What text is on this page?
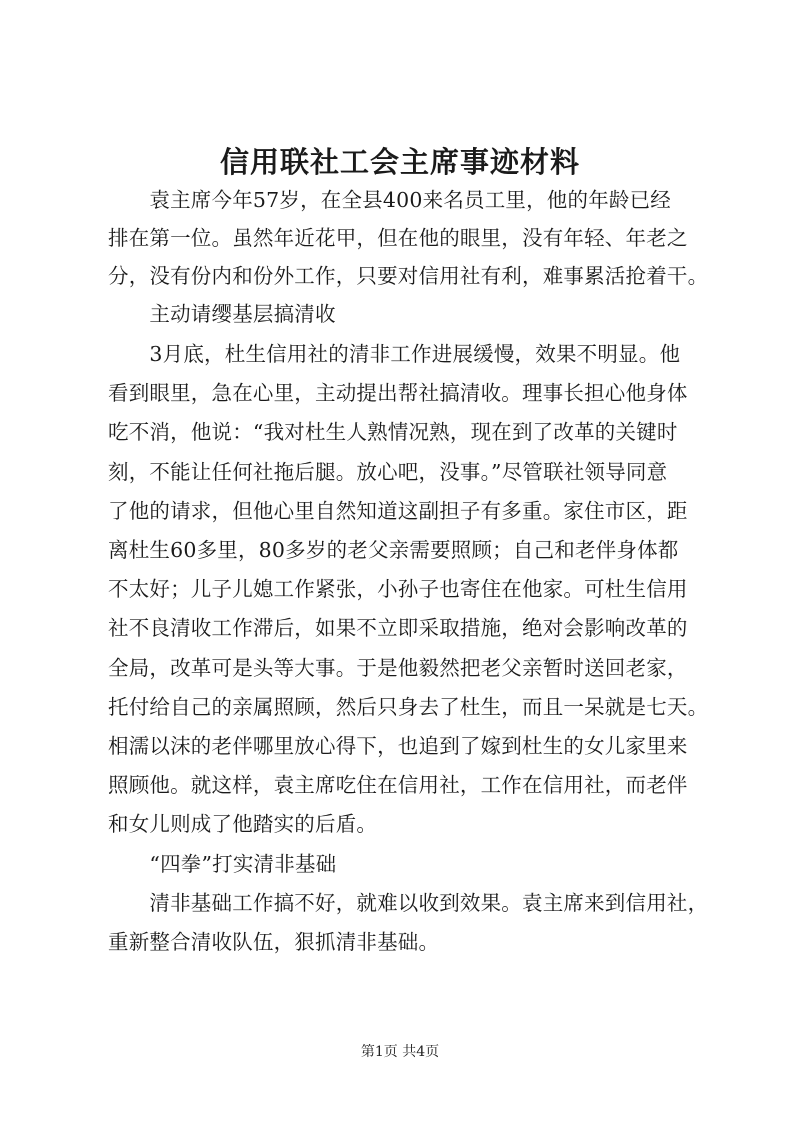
信用联社工会主席事迹材料
　　袁主席今年57岁，在全县400来名员工里，他的年龄已经
排在第一位。虽然年近花甲，但在他的眼里，没有年轻、年老之
分，没有份内和份外工作，只要对信用社有利，难事累活抢着干。
　　主动请缨基层搞清收
　　3月底，杜生信用社的清非工作进展缓慢，效果不明显。他
看到眼里，急在心里，主动提出帮社搞清收。理事长担心他身体
吃不消，他说：“我对杜生人熟情况熟，现在到了改革的关键时
刻，不能让任何社拖后腿。放心吧，没事。”尽管联社领导同意
了他的请求，但他心里自然知道这副担子有多重。家住市区，距
离杜生60多里，80多岁的老父亲需要照顾；自己和老伴身体都
不太好；儿子儿媳工作紧张，小孙子也寄住在他家。可杜生信用
社不良清收工作滞后，如果不立即采取措施，绝对会影响改革的
全局，改革可是头等大事。于是他毅然把老父亲暂时送回老家，
托付给自己的亲属照顾，然后只身去了杜生，而且一呆就是七天。
相濡以沫的老伴哪里放心得下，也追到了嫁到杜生的女儿家里来
照顾他。就这样，袁主席吃住在信用社，工作在信用社，而老伴
和女儿则成了他踏实的后盾。
　　“四拳”打实清非基础
　　清非基础工作搞不好，就难以收到效果。袁主席来到信用社，
重新整合清收队伍，狠抓清非基础。
第1页 共4页
